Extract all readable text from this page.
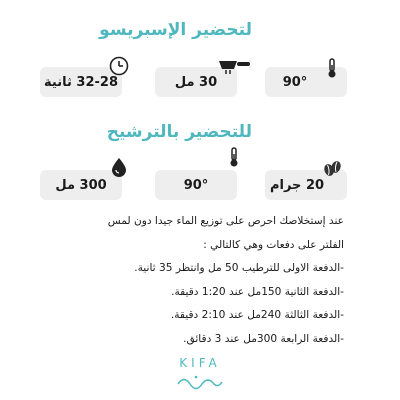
لتحضير الإسبريسو
90°
30 مل
32-28 ثانية
للتحضير بالترشيح
20 جرام
90°
300 مل

عند إستخلاصك احرص على توزيع الماء جيدا دون لمس الفلتر على دفعات وهي كالتالي :

-الدفعة الاولى للترطيب 50 مل وانتظر 35 ثانية.

-الدفعة الثانية 150مل عند 1:20 دقيقة.

-الدفعة الثالثة 240مل عند 2:10 دقيقة.

-الدفعة الرابعة 300مل عند 3 دقائق.

KIFA
